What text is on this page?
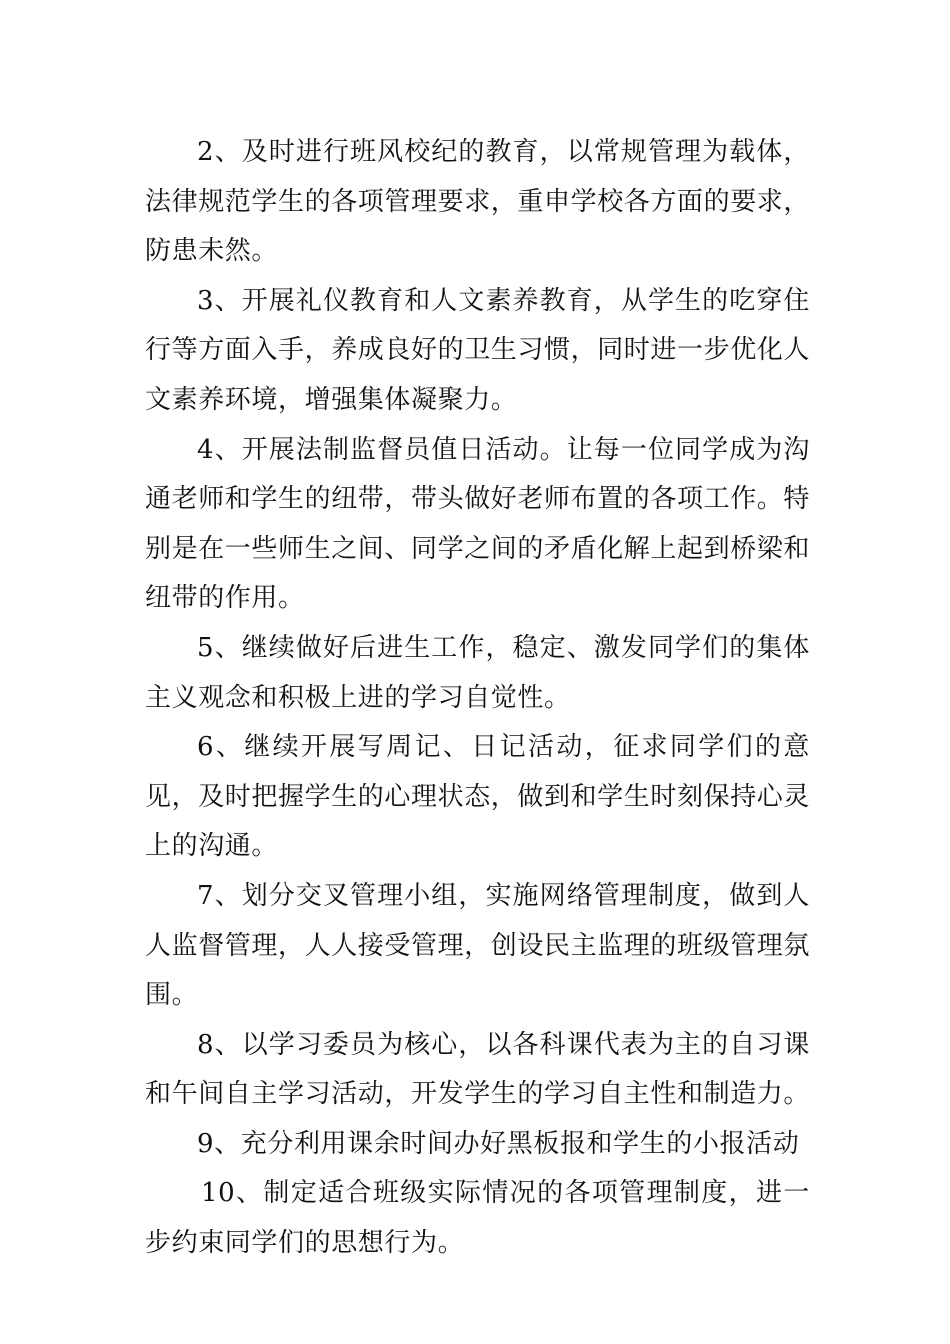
2、及时进行班风校纪的教育，以常规管理为载体，法律规范学生的各项管理要求，重申学校各方面的要求，防患未然。

3、开展礼仪教育和人文素养教育，从学生的吃穿住行等方面入手，养成良好的卫生习惯，同时进一步优化人文素养环境，增强集体凝聚力。

4、开展法制监督员值日活动。让每一位同学成为沟通老师和学生的纽带，带头做好老师布置的各项工作。特别是在一些师生之间、同学之间的矛盾化解上起到桥梁和纽带的作用。

5、继续做好后进生工作，稳定、激发同学们的集体主义观念和积极上进的学习自觉性。

6、继续开展写周记、日记活动，征求同学们的意见，及时把握学生的心理状态，做到和学生时刻保持心灵上的沟通。

7、划分交叉管理小组，实施网络管理制度，做到人人监督管理，人人接受管理，创设民主监理的班级管理氛围。

8、以学习委员为核心，以各科课代表为主的自习课和午间自主学习活动，开发学生的学习自主性和制造力。

9、充分利用课余时间办好黑板报和学生的小报活动

10、制定适合班级实际情况的各项管理制度，进一步约束同学们的思想行为。
